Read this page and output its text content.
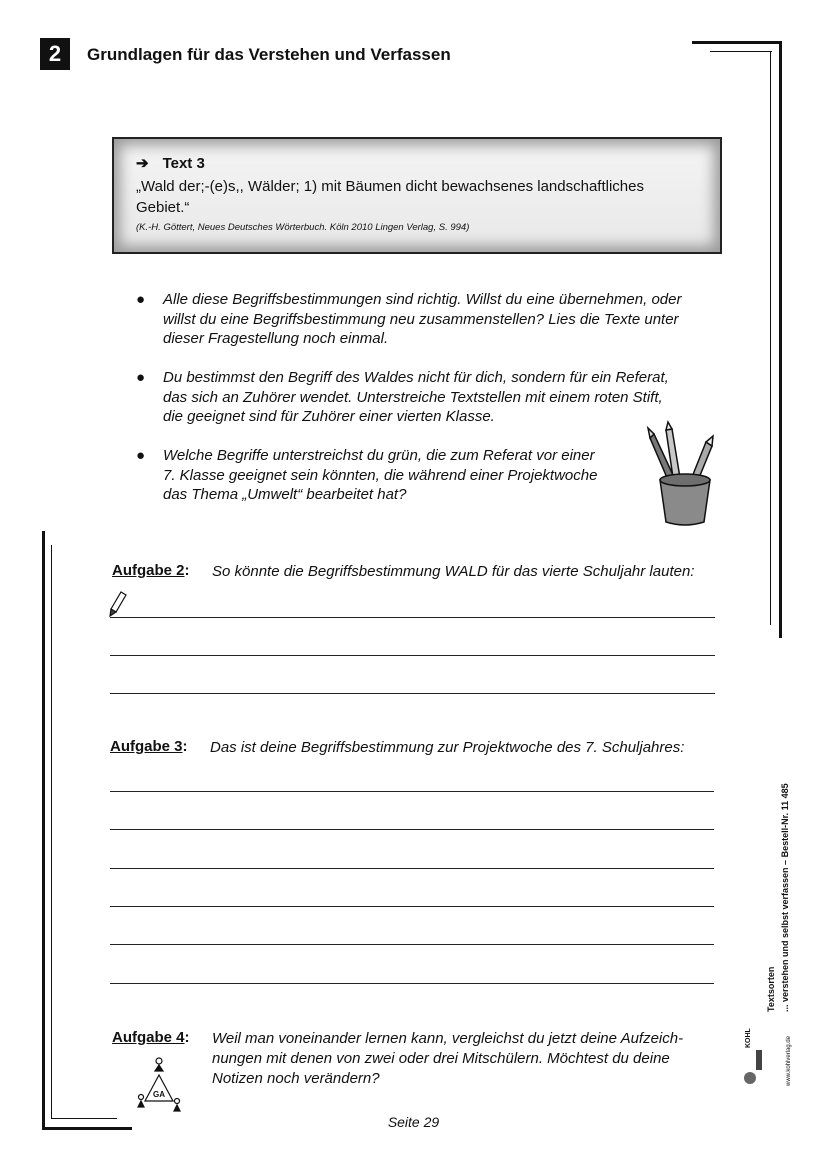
2	Grundlagen für das Verstehen und Verfassen
➔ Text 3
„Wald der;-(e)s,, Wälder; 1) mit Bäumen dicht bewachsenes landschaftliches
Gebiet.“
(K.-H. Göttert, Neues Deutsches Wörterbuch. Köln 2010 Lingen Verlag, S. 994)
● Alle diese Begriffsbestimmungen sind richtig. Willst du eine übernehmen, oder
willst du eine Begriffsbestimmung neu zusammenstellen? Lies die Texte unter
dieser Fragestellung noch einmal.
● Du bestimmst den Begriff des Waldes nicht für dich, sondern für ein Referat,
das sich an Zuhörer wendet. Unterstreiche Textstellen mit einem roten Stift,
die geeignet sind für Zuhörer einer vierten Klasse.
● Welche Begriffe unterstreichst du grün, die zum Referat vor einer
7. Klasse geeignet sein könnten, die während einer Projektwoche
das Thema „Umwelt“ bearbeitet hat?
Aufgabe 2: So könnte die Begriffsbestimmung WALD für das vierte Schuljahr lauten:
Aufgabe 3: Das ist deine Begriffsbestimmung zur Projektwoche des 7. Schuljahres:
Aufgabe 4: Weil man voneinander lernen kann, vergleichst du jetzt deine Aufzeich-
nungen mit denen von zwei oder drei Mitschülern. Möchtest du deine
Notizen noch verändern?
GA
Seite 29
Textsorten ... verstehen und selbst verfassen – Bestell-Nr. 11 485
www.kohlverlag.de
KOHL
